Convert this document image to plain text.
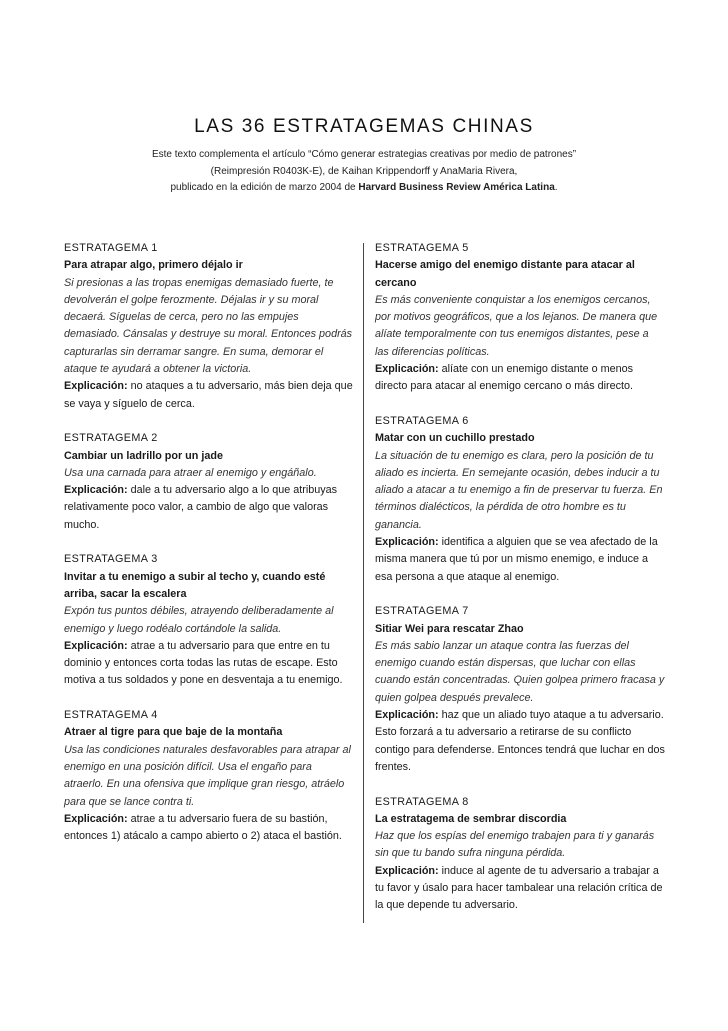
LAS 36 ESTRATAGEMAS CHINAS
Este texto complementa el artículo “Cómo generar estrategias creativas por medio de patrones”
(Reimpresión R0403K-E), de Kaihan Krippendorff y AnaMaria Rivera,
publicado en la edición de marzo 2004 de Harvard Business Review América Latina.
ESTRATAGEMA 1
Para atrapar algo, primero déjalo ir
Si presionas a las tropas enemigas demasiado fuerte, te devolverán el golpe ferozmente. Déjalas ir y su moral decaerá. Síguelas de cerca, pero no las empujes demasiado. Cánsalas y destruye su moral. Entonces podrás capturarlas sin derramar sangre. En suma, demorar el ataque te ayudará a obtener la victoria.
Explicación: no ataques a tu adversario, más bien deja que se vaya y síguelo de cerca.
ESTRATAGEMA 2
Cambiar un ladrillo por un jade
Usa una carnada para atraer al enemigo y engáñalo.
Explicación: dale a tu adversario algo a lo que atribuyas relativamente poco valor, a cambio de algo que valoras mucho.
ESTRATAGEMA 3
Invitar a tu enemigo a subir al techo y, cuando esté arriba, sacar la escalera
Expón tus puntos débiles, atrayendo deliberadamente al enemigo y luego rodéalo cortándole la salida.
Explicación: atrae a tu adversario para que entre en tu dominio y entonces corta todas las rutas de escape. Esto motiva a tus soldados y pone en desventaja a tu enemigo.
ESTRATAGEMA 4
Atraer al tigre para que baje de la montaña
Usa las condiciones naturales desfavorables para atrapar al enemigo en una posición difícil. Usa el engaño para atraerlo. En una ofensiva que implique gran riesgo, atráelo para que se lance contra ti.
Explicación: atrae a tu adversario fuera de su bastión, entonces 1) atácalo a campo abierto o 2) ataca el bastión.
ESTRATAGEMA 5
Hacerse amigo del enemigo distante para atacar al cercano
Es más conveniente conquistar a los enemigos cercanos, por motivos geográficos, que a los lejanos. De manera que alíate temporalmente con tus enemigos distantes, pese a las diferencias políticas.
Explicación: alíate con un enemigo distante o menos directo para atacar al enemigo cercano o más directo.
ESTRATAGEMA 6
Matar con un cuchillo prestado
La situación de tu enemigo es clara, pero la posición de tu aliado es incierta. En semejante ocasión, debes inducir a tu aliado a atacar a tu enemigo a fin de preservar tu fuerza. En términos dialécticos, la pérdida de otro hombre es tu ganancia.
Explicación: identifica a alguien que se vea afectado de la misma manera que tú por un mismo enemigo, e induce a esa persona a que ataque al enemigo.
ESTRATAGEMA 7
Sitiar Wei para rescatar Zhao
Es más sabio lanzar un ataque contra las fuerzas del enemigo cuando están dispersas, que luchar con ellas cuando están concentradas. Quien golpea primero fracasa y quien golpea después prevalece.
Explicación: haz que un aliado tuyo ataque a tu adversario. Esto forzará a tu adversario a retirarse de su conflicto contigo para defenderse. Entonces tendrá que luchar en dos frentes.
ESTRATAGEMA 8
La estratagema de sembrar discordia
Haz que los espías del enemigo trabajen para ti y ganarás sin que tu bando sufra ninguna pérdida.
Explicación: induce al agente de tu adversario a trabajar a tu favor y úsalo para hacer tambalear una relación crítica de la que depende tu adversario.
